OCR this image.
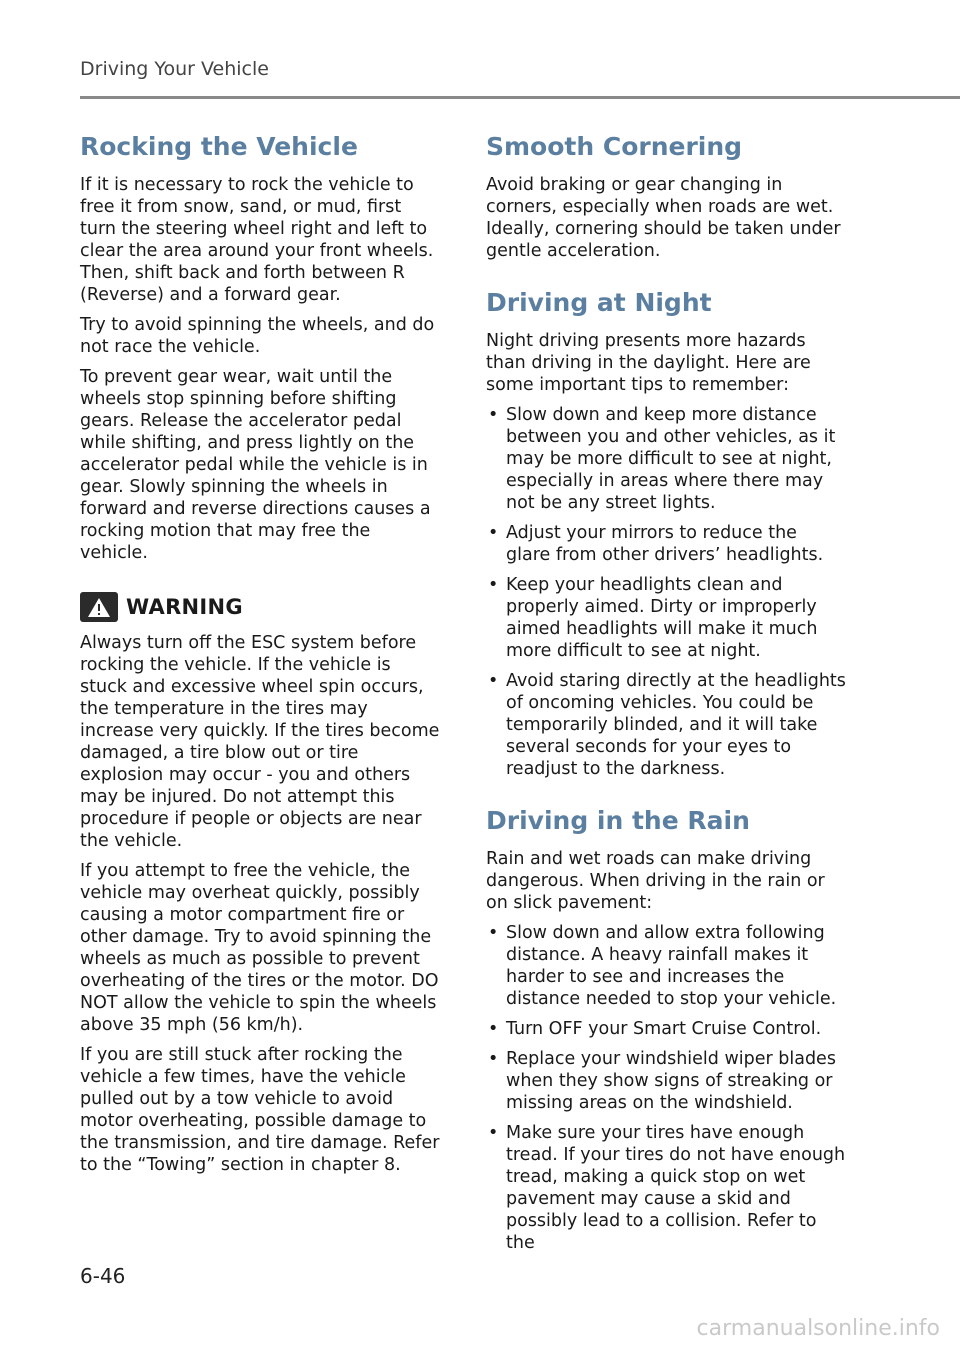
Driving Your Vehicle
Rocking the Vehicle

If it is necessary to rock the vehicle to free it from snow, sand, or mud, first turn the steering wheel right and left to clear the area around your front wheels. Then, shift back and forth between R (Reverse) and a forward gear.

Try to avoid spinning the wheels, and do not race the vehicle.

To prevent gear wear, wait until the wheels stop spinning before shifting gears. Release the accelerator pedal while shifting, and press lightly on the accelerator pedal while the vehicle is in gear. Slowly spinning the wheels in forward and reverse directions causes a rocking motion that may free the vehicle.

WARNING

Always turn off the ESC system before rocking the vehicle. If the vehicle is stuck and excessive wheel spin occurs, the temperature in the tires may increase very quickly. If the tires become damaged, a tire blow out or tire explosion may occur - you and others may be injured. Do not attempt this procedure if people or objects are near the vehicle.

If you attempt to free the vehicle, the vehicle may overheat quickly, possibly causing a motor compartment fire or other damage. Try to avoid spinning the wheels as much as possible to prevent overheating of the tires or the motor. DO NOT allow the vehicle to spin the wheels above 35 mph (56 km/h).

If you are still stuck after rocking the vehicle a few times, have the vehicle pulled out by a tow vehicle to avoid motor overheating, possible damage to the transmission, and tire damage. Refer to the “Towing” section in chapter 8.

Smooth Cornering

Avoid braking or gear changing in corners, especially when roads are wet. Ideally, cornering should be taken under gentle acceleration.

Driving at Night

Night driving presents more hazards than driving in the daylight. Here are some important tips to remember:

• Slow down and keep more distance between you and other vehicles, as it may be more difficult to see at night, especially in areas where there may not be any street lights.
• Adjust your mirrors to reduce the glare from other drivers’ headlights.
• Keep your headlights clean and properly aimed. Dirty or improperly aimed headlights will make it much more difficult to see at night.
• Avoid staring directly at the headlights of oncoming vehicles. You could be temporarily blinded, and it will take several seconds for your eyes to readjust to the darkness.
Driving in the Rain

Rain and wet roads can make driving dangerous. When driving in the rain or on slick pavement:

• Slow down and allow extra following distance. A heavy rainfall makes it harder to see and increases the distance needed to stop your vehicle.
• Turn OFF your Smart Cruise Control.
• Replace your windshield wiper blades when they show signs of streaking or missing areas on the windshield.
• Make sure your tires have enough tread. If your tires do not have enough tread, making a quick stop on wet pavement may cause a skid and possibly lead to a collision. Refer to the
6-46
carmanualsonline.info
